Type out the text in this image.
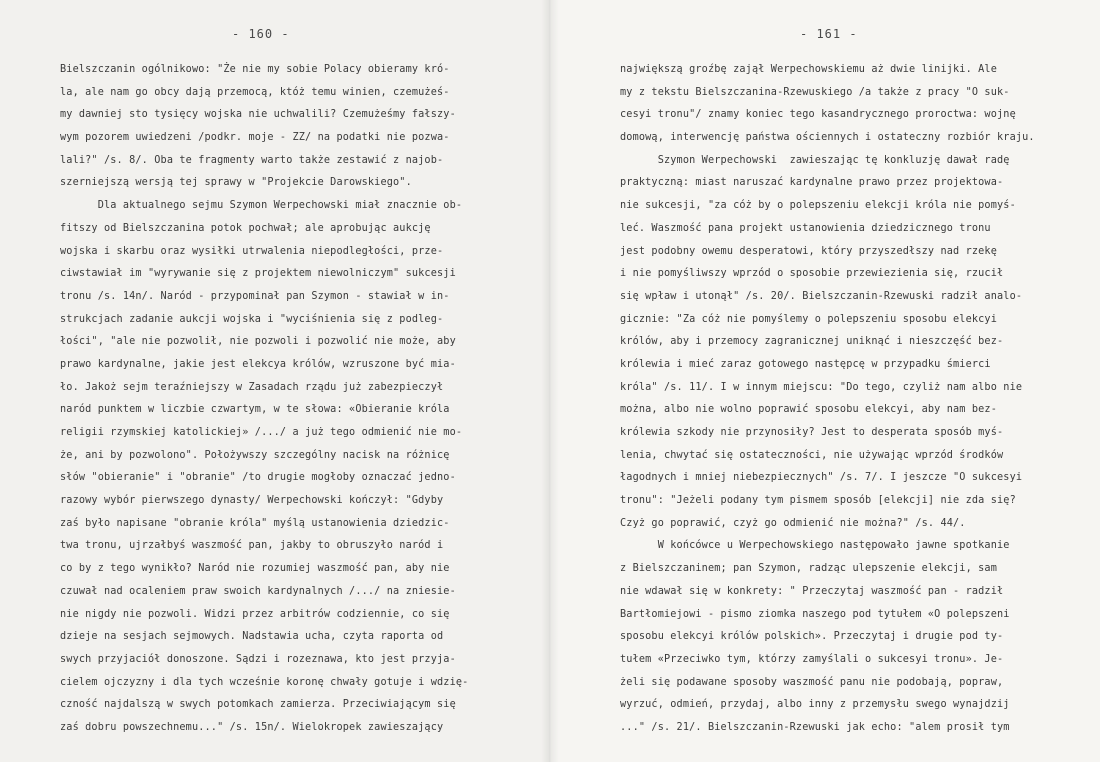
- 160 -
Bielszczanin ogólnikowo: "Że nie my sobie Polacy obieramy kró-
la, ale nam go obcy dają przemocą, któż temu winien, czemużeś-
my dawniej sto tysięcy wojska nie uchwalili? Czemużeśmy fałszy-
wym pozorem uwiedzeni /podkr. moje - ZZ/ na podatki nie pozwa-
lali?" /s. 8/. Oba te fragmenty warto także zestawić z najob-
szerniejszą wersją tej sprawy w "Projekcie Darowskiego".
Dla aktualnego sejmu Szymon Werpechowski miał znacznie ob-
fitszy od Bielszczanina potok pochwał; ale aprobując aukcję
wojska i skarbu oraz wysiłki utrwalenia niepodległości, prze-
ciwstawiał im "wyrywanie się z projektem niewolniczym" sukcesji
tronu /s. 14n/. Naród - przypominał pan Szymon - stawiał w in-
strukcjach zadanie aukcji wojska i "wyciśnienia się z podleg-
łości", "ale nie pozwolił, nie pozwoli i pozwolić nie może, aby
prawo kardynalne, jakie jest elekcya królów, wzruszone być mia-
ło. Jakoż sejm teraźniejszy w Zasadach rządu już zabezpieczył
naród punktem w liczbie czwartym, w te słowa: «Obieranie króla
religii rzymskiej katolickiej» /.../ a już tego odmienić nie mo-
że, ani by pozwolono". Położywszy szczególny nacisk na różnicę
słów "obieranie" i "obranie" /to drugie mogłoby oznaczać jedno-
razowy wybór pierwszego dynasty/ Werpechowski kończył: "Gdyby
zaś było napisane "obranie króla" myślą ustanowienia dziedzic-
twa tronu, ujrzałbyś waszmość pan, jakby to obruszyło naród i
co by z tego wynikło? Naród nie rozumiej waszmość pan, aby nie
czuwał nad ocaleniem praw swoich kardynalnych /.../ na zniesie-
nie nigdy nie pozwoli. Widzi przez arbitrów codziennie, co się
dzieje na sesjach sejmowych. Nadstawia ucha, czyta raporta od
swych przyjaciół donoszone. Sądzi i rozeznawa, kto jest przyja-
cielem ojczyzny i dla tych wcześnie koronę chwały gotuje i wdzię-
czność najdalszą w swych potomkach zamierza. Przeciwiającym się
zaś dobru powszechnemu..." /s. 15n/. Wielokropek zawieszający
- 161 -
największą groźbę zajął Werpechowskiemu aż dwie linijki. Ale
my z tekstu Bielszczanina-Rzewuskiego /a także z pracy "O suk-
cesyi tronu"/ znamy koniec tego kasandrycznego proroctwa: wojnę
domową, interwencję państwa ościennych i ostateczny rozbiór kraju.
Szymon Werpechowski  zawieszając tę konkluzję dawał radę
praktyczną: miast naruszać kardynalne prawo przez projektowa-
nie sukcesji, "za cóż by o polepszeniu elekcji króla nie pomyś-
leć. Waszmość pana projekt ustanowienia dziedzicznego tronu
jest podobny owemu desperatowi, który przyszedłszy nad rzekę
i nie pomyśliwszy wprzód o sposobie przewiezienia się, rzucił
się wpław i utonął" /s. 20/. Bielszczanin-Rzewuski radził analo-
gicznie: "Za cóż nie pomyślemy o polepszeniu sposobu elekcyi
królów, aby i przemocy zagranicznej uniknąć i nieszczęść bez-
królewia i mieć zaraz gotowego następcę w przypadku śmierci
króla" /s. 11/. I w innym miejscu: "Do tego, czyliż nam albo nie
można, albo nie wolno poprawić sposobu elekcyi, aby nam bez-
królewia szkody nie przynosiły? Jest to desperata sposób myś-
lenia, chwytać się ostateczności, nie używając wprzód środków
łagodnych i mniej niebezpiecznych" /s. 7/. I jeszcze "O sukcesyi
tronu": "Jeżeli podany tym pismem sposób [elekcji] nie zda się?
Czyż go poprawić, czyż go odmienić nie można?" /s. 44/.
W końcówce u Werpechowskiego następowało jawne spotkanie
z Bielszczaninem; pan Szymon, radząc ulepszenie elekcji, sam
nie wdawał się w konkrety: " Przeczytaj waszmość pan - radził
Bartłomiejowi - pismo ziomka naszego pod tytułem «O polepszeni
sposobu elekcyi królów polskich». Przeczytaj i drugie pod ty-
tułem «Przeciwko tym, którzy zamyślali o sukcesyi tronu». Je-
żeli się podawane sposoby waszmość panu nie podobają, popraw,
wyrzuć, odmień, przydaj, albo inny z przemysłu swego wynajdzij
..." /s. 21/. Bielszczanin-Rzewuski jak echo: "alem prosił tym
